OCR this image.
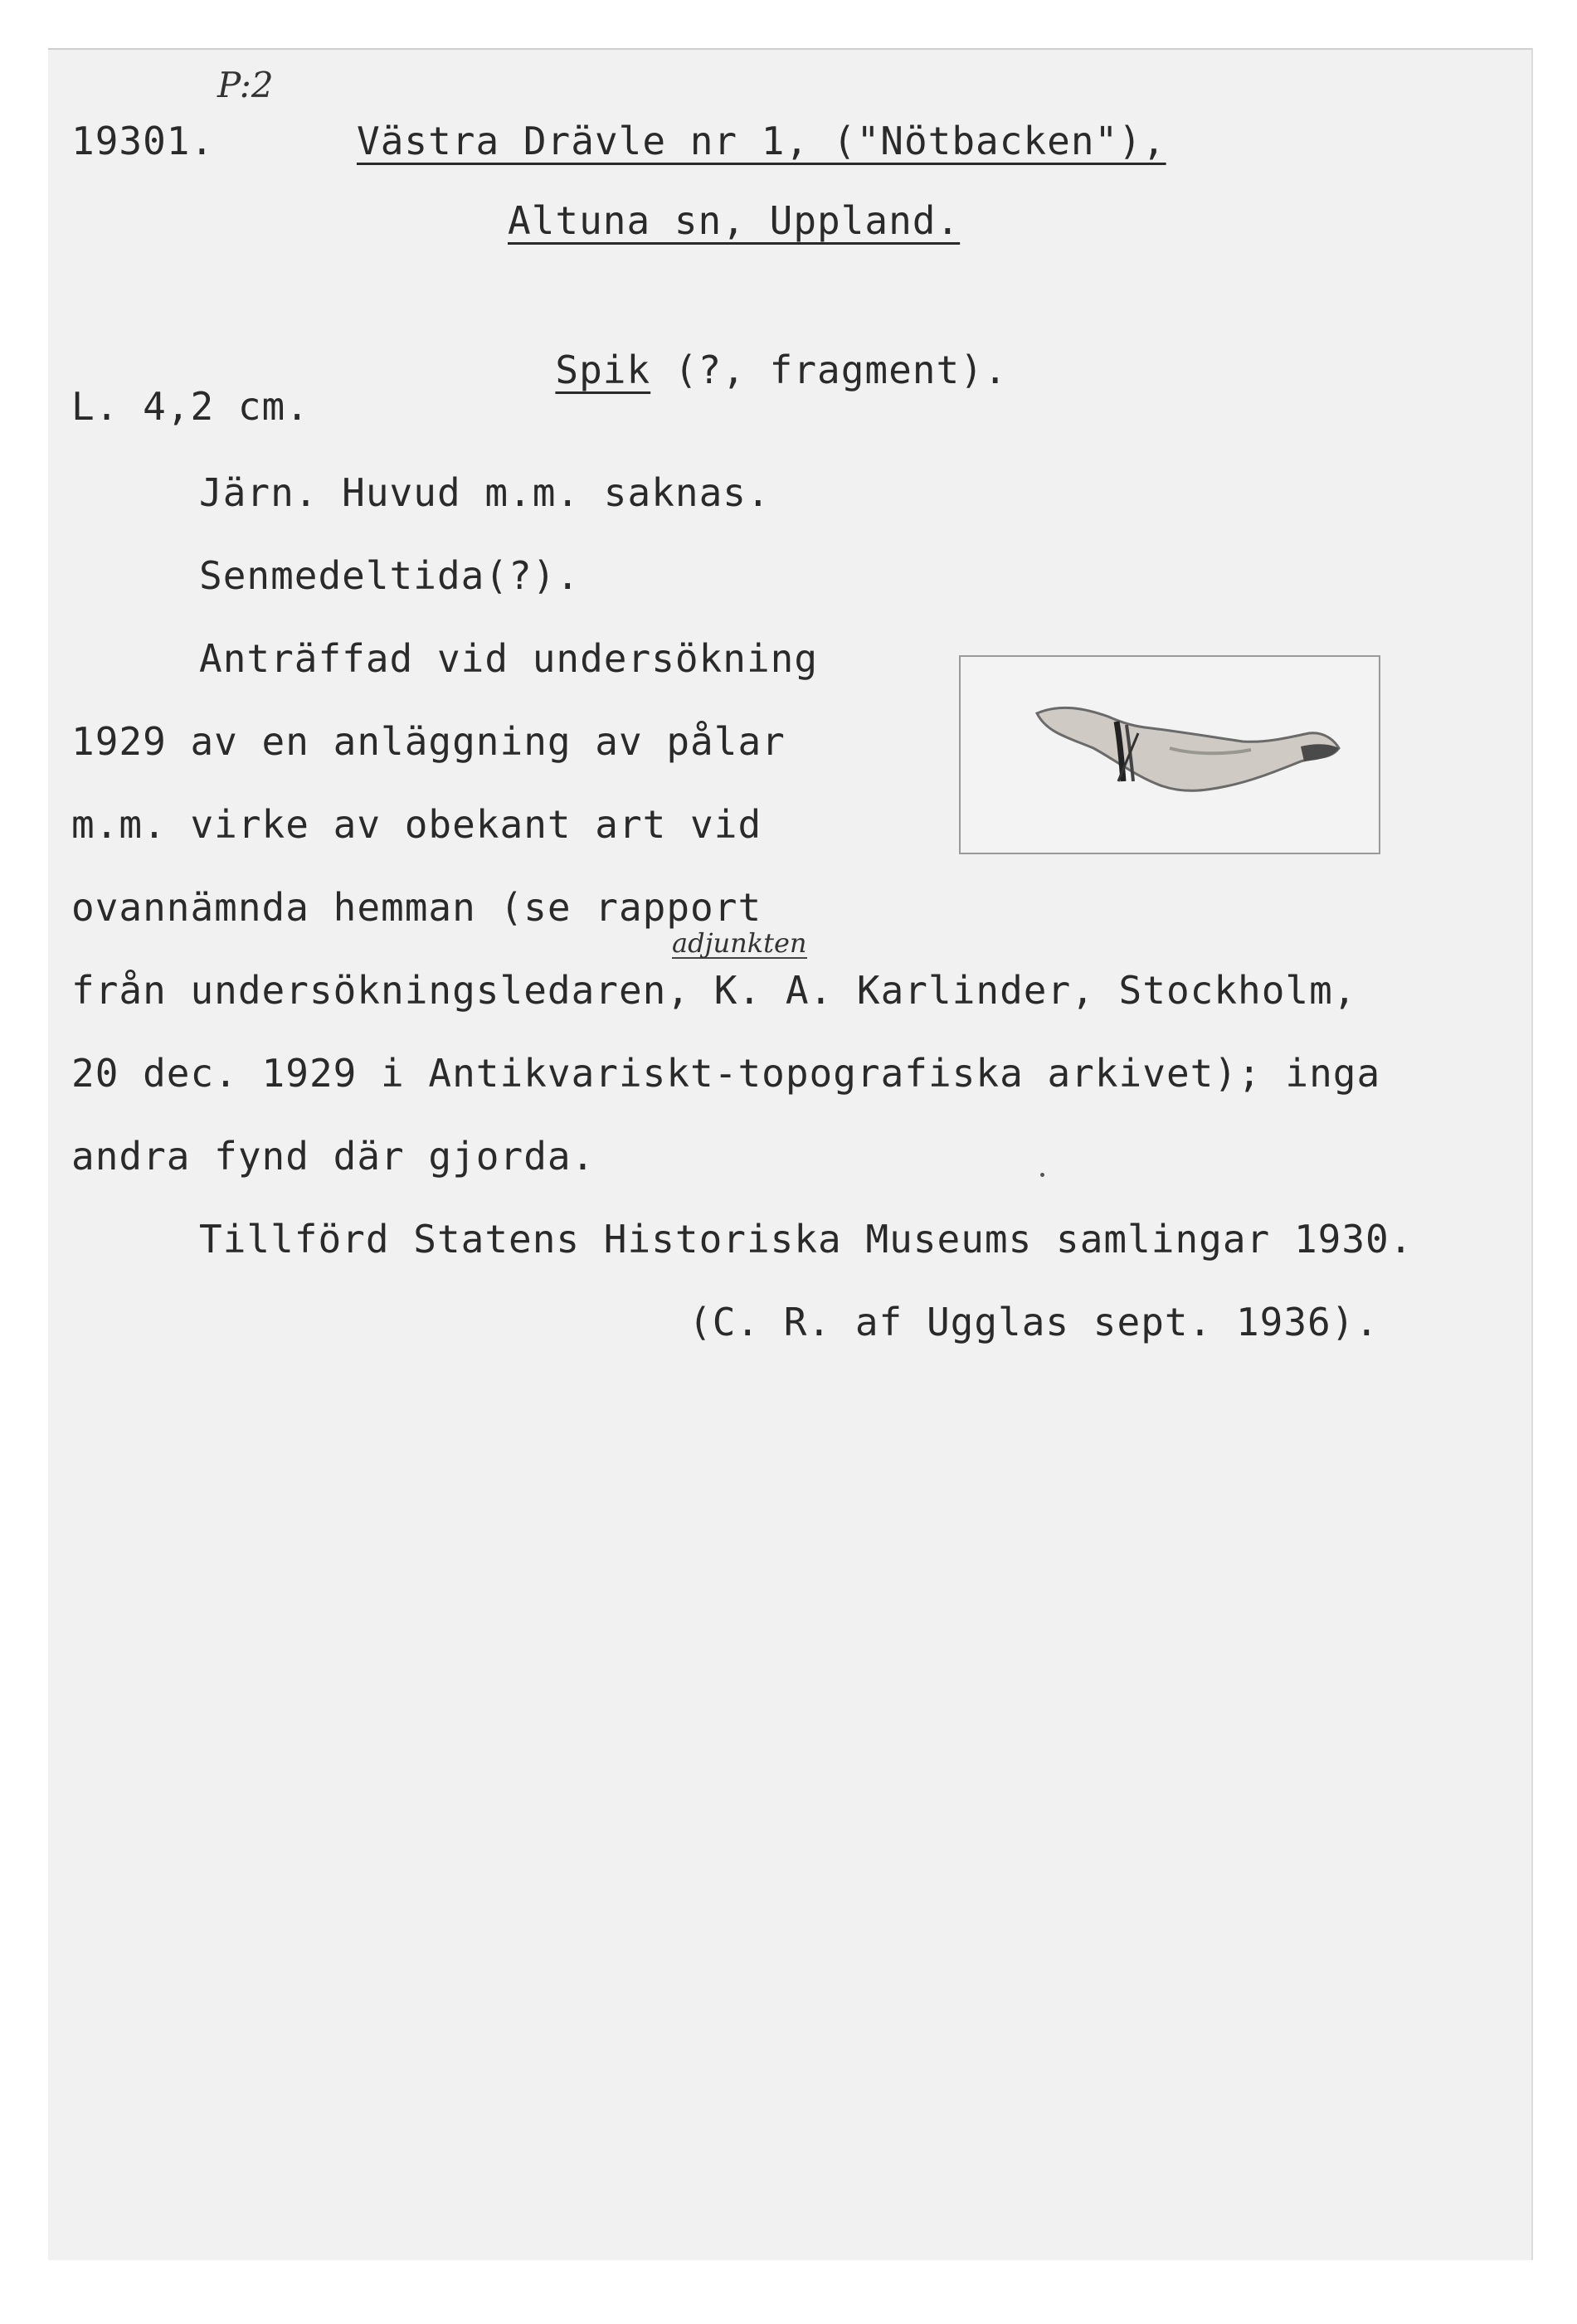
P:2
19301.	Västra Drävle nr 1, ("Nötbacken"),
Altuna sn, Uppland.

Spik (?, fragment).

L. 4,2 cm.
Järn. Huvud m.m. saknas.
Senmedeltida(?).
Anträffad vid undersökning
1929 av en anläggning av pålar
m.m. virke av obekant art vid
ovannämnda hemman (se rapport
adjunkten
från undersökningsledaren, K. A. Karlinder, Stockholm,
20 dec. 1929 i Antikvariskt-topografiska arkivet); inga
andra fynd där gjorda.
Tillförd Statens Historiska Museums samlingar 1930.
(C. R. af Ugglas sept. 1936).
